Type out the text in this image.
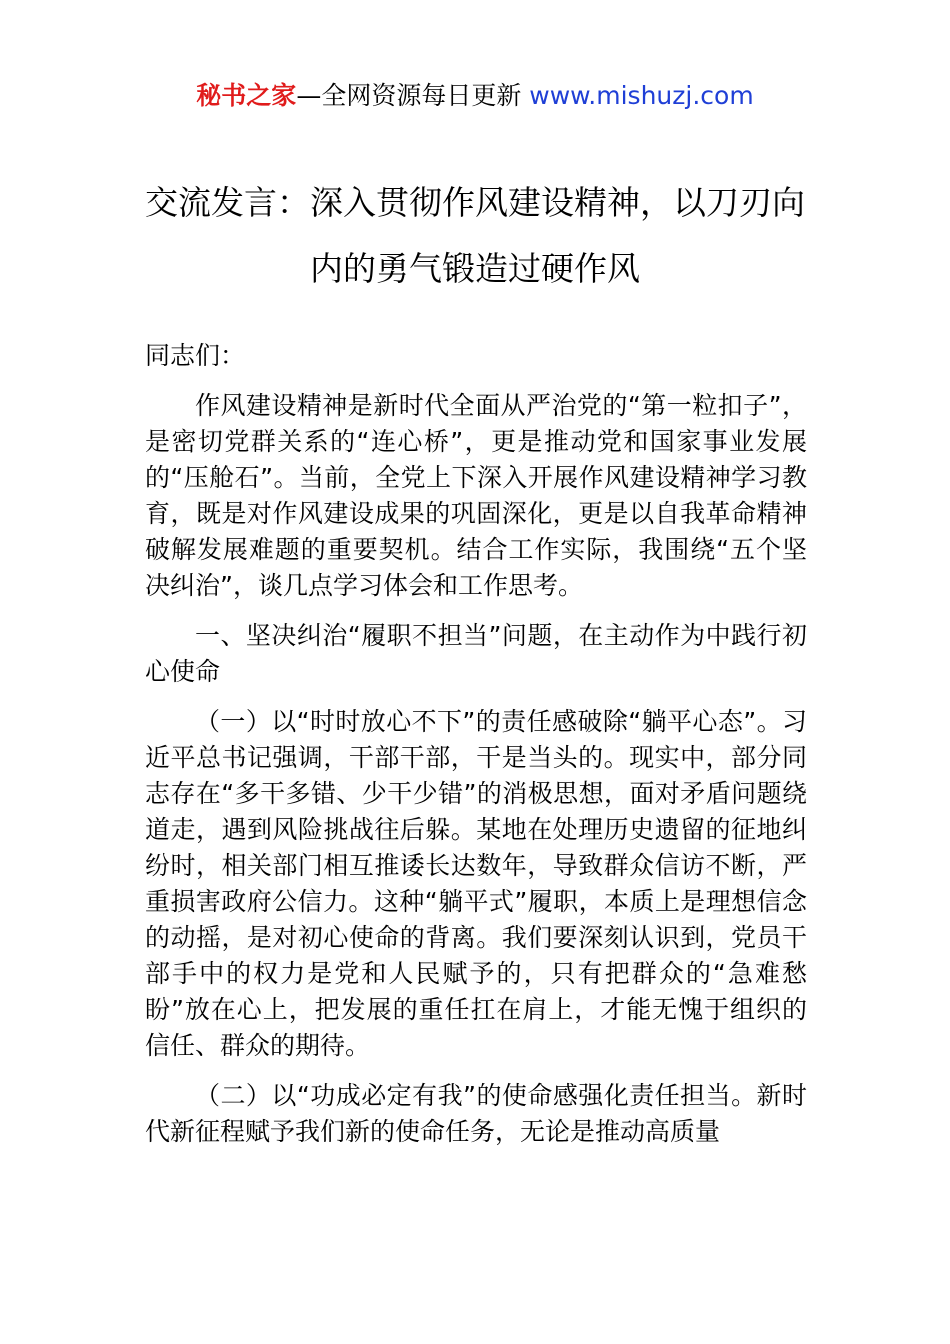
秘书之家—全网资源每日更新 www.mishuzj.com
交流发言：深入贯彻作风建设精神，以刀刃向内的勇气锻造过硬作风

同志们：

作风建设精神是新时代全面从严治党的“第一粒扣子”，是密切党群关系的“连心桥”，更是推动党和国家事业发展的“压舱石”。当前，全党上下深入开展作风建设精神学习教育，既是对作风建设成果的巩固深化，更是以自我革命精神破解发展难题的重要契机。结合工作实际，我围绕“五个坚决纠治”，谈几点学习体会和工作思考。

一、坚决纠治“履职不担当”问题，在主动作为中践行初心使命

（一）以“时时放心不下”的责任感破除“躺平心态”。习近平总书记强调，干部干部，干是当头的。现实中，部分同志存在“多干多错、少干少错”的消极思想，面对矛盾问题绕道走，遇到风险挑战往后躲。某地在处理历史遗留的征地纠纷时，相关部门相互推诿长达数年，导致群众信访不断，严重损害政府公信力。这种“躺平式”履职，本质上是理想信念的动摇，是对初心使命的背离。我们要深刻认识到，党员干部手中的权力是党和人民赋予的，只有把群众的“急难愁盼”放在心上，把发展的重任扛在肩上，才能无愧于组织的信任、群众的期待。

（二）以“功成必定有我”的使命感强化责任担当。新时代新征程赋予我们新的使命任务，无论是推动高质量
